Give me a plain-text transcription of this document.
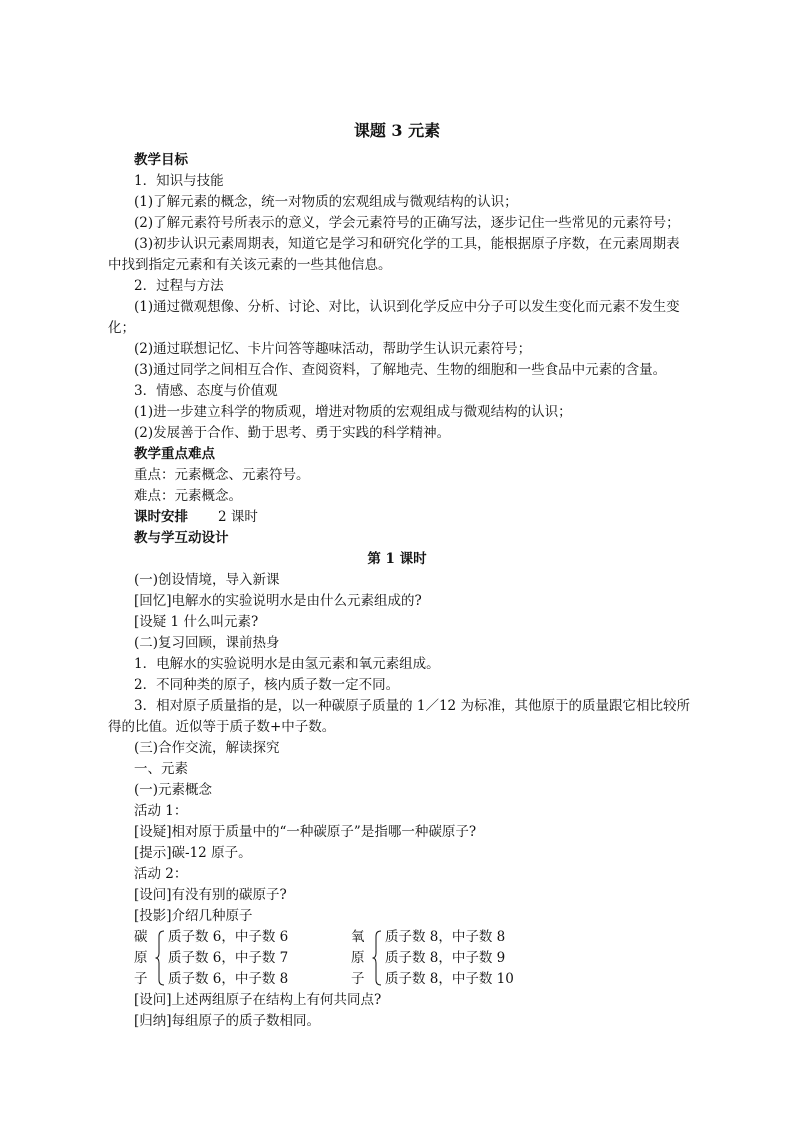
课题 3 元素
教学目标
1．知识与技能
(1)了解元素的概念，统一对物质的宏观组成与微观结构的认识；
(2)了解元素符号所表示的意义，学会元素符号的正确写法，逐步记住一些常见的元素符号；
(3)初步认识元素周期表，知道它是学习和研究化学的工具，能根据原子序数，在元素周期表
中找到指定元素和有关该元素的一些其他信息。
2．过程与方法
(1)通过微观想像、分析、讨论、对比，认识到化学反应中分子可以发生变化而元素不发生变
化；
(2)通过联想记忆、卡片问答等趣味活动，帮助学生认识元素符号；
(3)通过同学之间相互合作、查阅资料，了解地壳、生物的细胞和一些食品中元素的含量。
3．情感、态度与价值观
(1)进一步建立科学的物质观，增进对物质的宏观组成与微观结构的认识；
(2)发展善于合作、勤于思考、勇于实践的科学精神。
教学重点难点
重点：元素概念、元素符号。
难点：元素概念。
课时安排 2 课时
教与学互动设计
第 1 课时
(一)创设情境，导入新课
[回忆]电解水的实验说明水是由什么元素组成的?
[设疑 1 什么叫元素?
(二)复习回顾，课前热身
1．电解水的实验说明水是由氢元素和氧元素组成。
2．不同种类的原子，核内质子数一定不同。
3．相对原子质量指的是，以一种碳原子质量的 1／12 为标准，其他原于的质量跟它相比较所
得的比值。近似等于质子数+中子数。
(三)合作交流，解读探究
一、元素
(一)元素概念
活动 1：
[设疑]相对原于质量中的“一种碳原子”是指哪一种碳原子?
[提示]碳-12 原子。
活动 2：
[设问]有没有别的碳原子?
[投影]介绍几种原子
碳
原
子
质子数 6，中子数 6
质子数 6，中子数 7
质子数 6，中子数 8
氧
原
子
质子数 8，中子数 8
质子数 8，中子数 9
质子数 8，中子数 10
[设问]上述两组原子在结构上有何共同点?
[归纳]每组原子的质子数相同。
